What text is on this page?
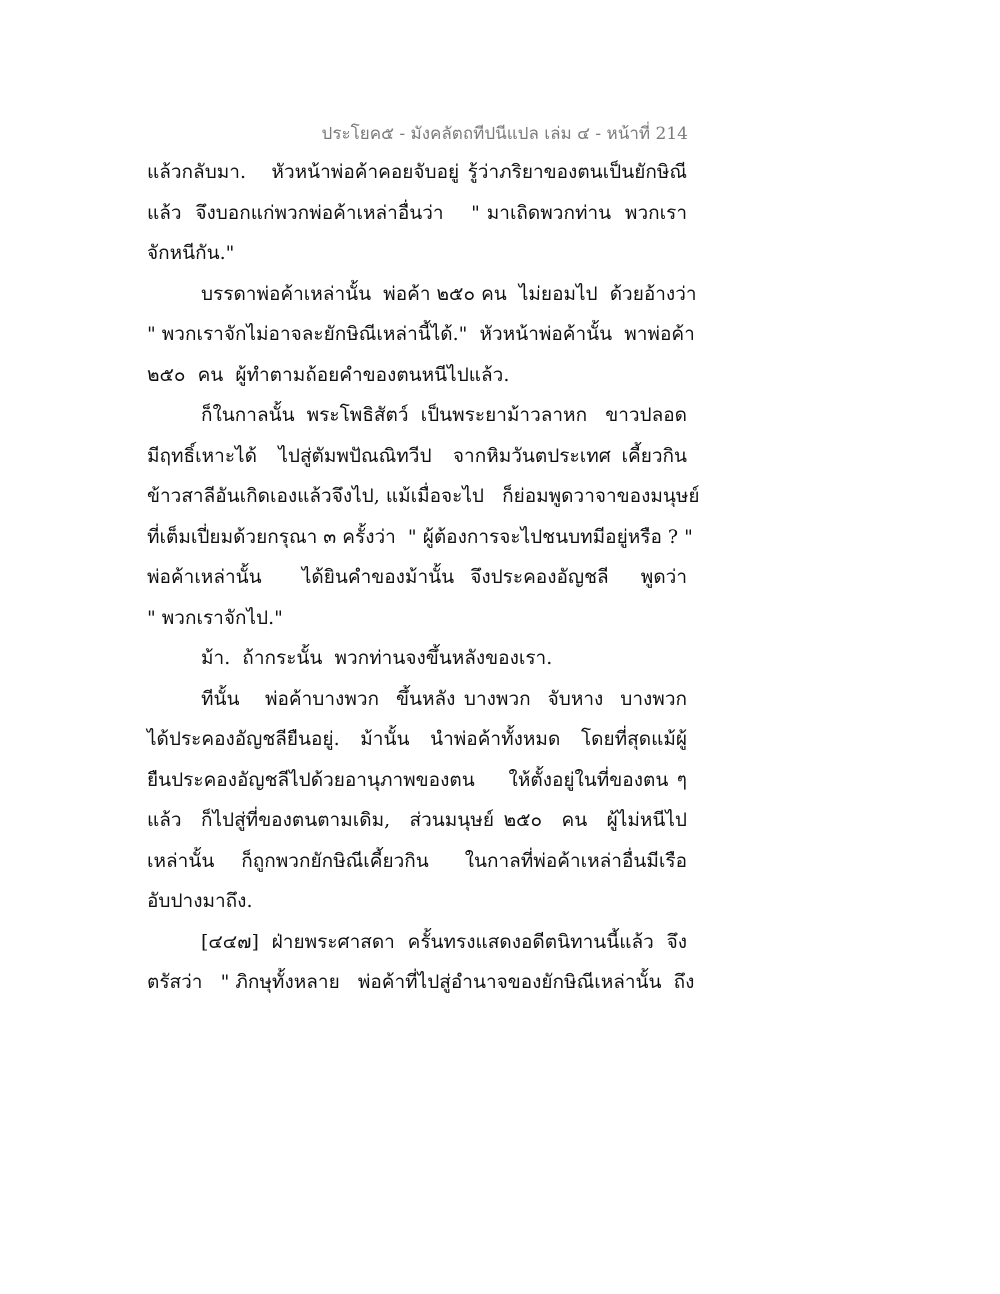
ประโยค๕ - มังคลัตถทีปนีแปล เล่ม ๔ - หน้าที่ 214
แล้วกลับมา.   หัวหน้าพ่อค้าคอยจับอยู่ รู้ว่าภริยาของตนเป็นยักษิณี
แล้ว  จึงบอกแก่พวกพ่อค้าเหล่าอื่นว่า    " มาเถิดพวกท่าน  พวกเรา
จักหนีกัน."
บรรดาพ่อค้าเหล่านั้น  พ่อค้า ๒๕๐ คน  ไม่ยอมไป  ด้วยอ้างว่า
" พวกเราจักไม่อาจละยักษิณีเหล่านี้ได้."  หัวหน้าพ่อค้านั้น  พาพ่อค้า
๒๕๐  คน  ผู้ทำตามถ้อยคำของตนหนีไปแล้ว.
ก็ในกาลนั้น  พระโพธิสัตว์  เป็นพระยาม้าวลาหก   ขาวปลอด
มีฤทธิ์เหาะได้  ไปสู่ตัมพปัณณิทวีป  จากหิมวันตประเทศ เคี้ยวกิน
ข้าวสาลีอันเกิดเองแล้วจึงไป, แม้เมื่อจะไป   ก็ย่อมพูดวาจาของมนุษย์
ที่เต็มเปี่ยมด้วยกรุณา ๓ ครั้งว่า  " ผู้ต้องการจะไปชนบทมีอยู่หรือ ? "
พ่อค้าเหล่านั้น     ได้ยินคำของม้านั้น  จึงประคองอัญชลี    พูดว่า
" พวกเราจักไป."
ม้า.  ถ้ากระนั้น  พวกท่านจงขึ้นหลังของเรา.
ทีนั้น   พ่อค้าบางพวก  ขึ้นหลัง บางพวก  จับหาง  บางพวก
ได้ประคองอัญชลียืนอยู่.  ม้านั้น  นำพ่อค้าทั้งหมด  โดยที่สุดแม้ผู้
ยืนประคองอัญชลีไปด้วยอานุภาพของตน    ให้ตั้งอยู่ในที่ของตน ๆ
แล้ว  ก็ไปสู่ที่ของตนตามเดิม,  ส่วนมนุษย์ ๒๕๐  คน  ผู้ไม่หนีไป
เหล่านั้น   ก็ถูกพวกยักษิณีเคี้ยวกิน    ในกาลที่พ่อค้าเหล่าอื่นมีเรือ
อับปางมาถึง.
[๔๔๗]  ฝ่ายพระศาสดา  ครั้นทรงแสดงอดีตนิทานนี้แล้ว  จึง
ตรัสว่า   " ภิกษุทั้งหลาย   พ่อค้าที่ไปสู่อำนาจของยักษิณีเหล่านั้น  ถึง
